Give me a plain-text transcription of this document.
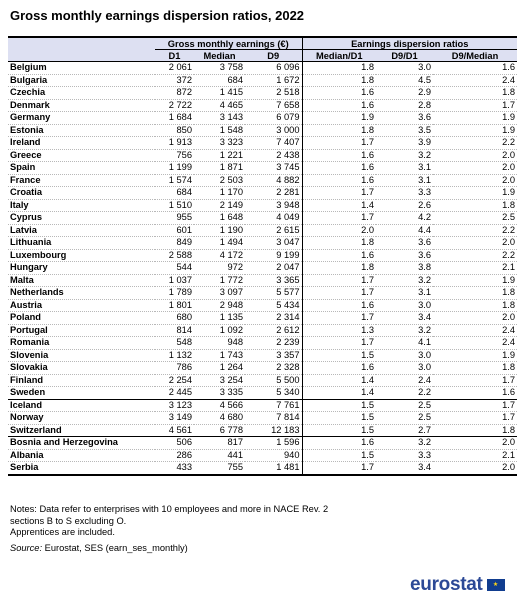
Gross monthly earnings dispersion ratios, 2022
	Gross monthly earnings (€)			Earnings dispersion ratios		
	D1	Median	D9	Median/D1	D9/D1	D9/Median
Belgium	2 061	3 758	6 096	1.8	3.0	1.6
Bulgaria	372	684	1 672	1.8	4.5	2.4
Czechia	872	1 415	2 518	1.6	2.9	1.8
Denmark	2 722	4 465	7 658	1.6	2.8	1.7
Germany	1 684	3 143	6 079	1.9	3.6	1.9
Estonia	850	1 548	3 000	1.8	3.5	1.9
Ireland	1 913	3 323	7 407	1.7	3.9	2.2
Greece	756	1 221	2 438	1.6	3.2	2.0
Spain	1 199	1 871	3 745	1.6	3.1	2.0
France	1 574	2 503	4 882	1.6	3.1	2.0
Croatia	684	1 170	2 281	1.7	3.3	1.9
Italy	1 510	2 149	3 948	1.4	2.6	1.8
Cyprus	955	1 648	4 049	1.7	4.2	2.5
Latvia	601	1 190	2 615	2.0	4.4	2.2
Lithuania	849	1 494	3 047	1.8	3.6	2.0
Luxembourg	2 588	4 172	9 199	1.6	3.6	2.2
Hungary	544	972	2 047	1.8	3.8	2.1
Malta	1 037	1 772	3 365	1.7	3.2	1.9
Netherlands	1 789	3 097	5 577	1.7	3.1	1.8
Austria	1 801	2 948	5 434	1.6	3.0	1.8
Poland	680	1 135	2 314	1.7	3.4	2.0
Portugal	814	1 092	2 612	1.3	3.2	2.4
Romania	548	948	2 239	1.7	4.1	2.4
Slovenia	1 132	1 743	3 357	1.5	3.0	1.9
Slovakia	786	1 264	2 328	1.6	3.0	1.8
Finland	2 254	3 254	5 500	1.4	2.4	1.7
Sweden	2 445	3 335	5 340	1.4	2.2	1.6
Iceland	3 123	4 566	7 761	1.5	2.5	1.7
Norway	3 149	4 680	7 814	1.5	2.5	1.7
Switzerland	4 561	6 778	12 183	1.5	2.7	1.8
Bosnia and Herzegovina	506	817	1 596	1.6	3.2	2.0
Albania	286	441	940	1.5	3.3	2.1
Serbia	433	755	1 481	1.7	3.4	2.0
Notes: Data refer to enterprises with 10 employees and more in NACE Rev. 2
sections B to S excluding O.
Apprentices are included.
Source: Eurostat, SES (earn_ses_monthly)
eurostat	★
